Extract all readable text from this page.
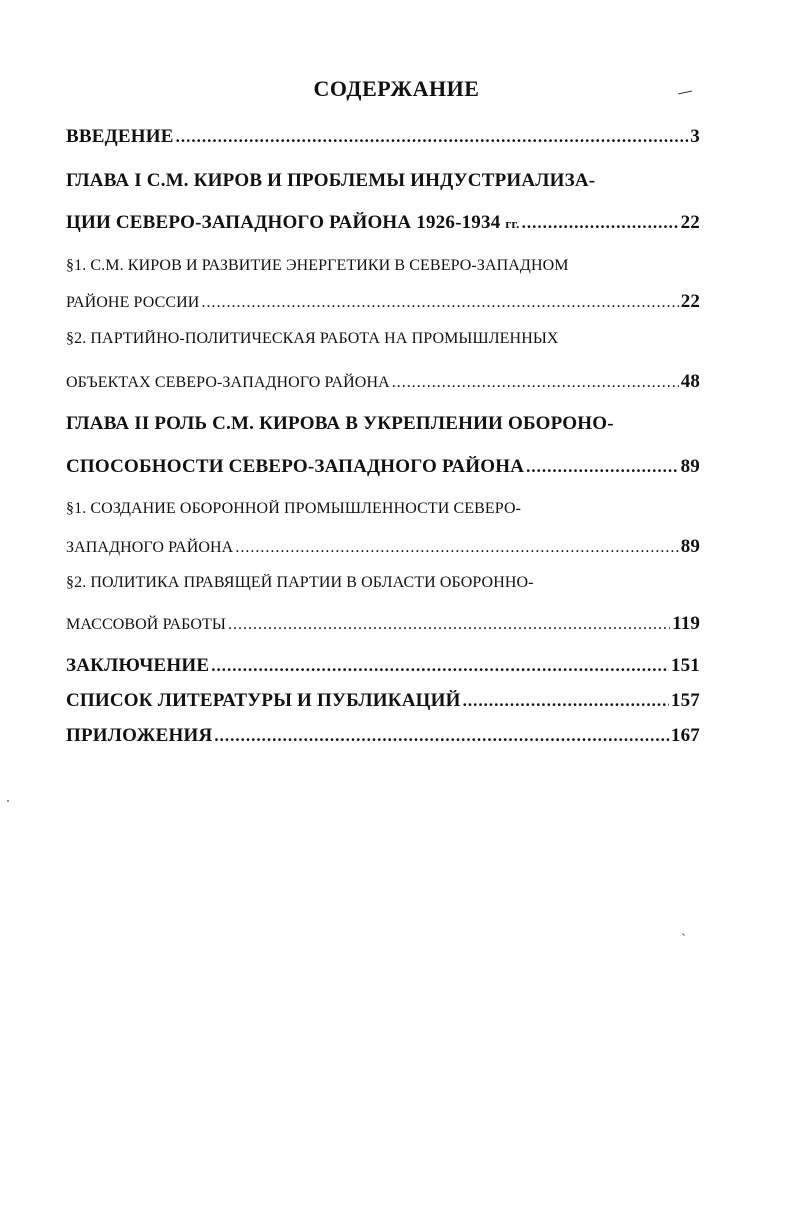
СОДЕРЖАНИЕ
ВВЕДЕНИЕ .....	3
ГЛАВА I С.М. КИРОВ И ПРОБЛЕМЫ ИНДУСТРИАЛИЗА-
ЦИИ СЕВЕРО-ЗАПАДНОГО РАЙОНА 1926-1934 гг. .....	22
§1. С.М. КИРОВ И РАЗВИТИЕ ЭНЕРГЕТИКИ В СЕВЕРО-ЗАПАДНОМ
РАЙОНЕ РОССИИ .....	22
§2. ПАРТИЙНО-ПОЛИТИЧЕСКАЯ РАБОТА НА ПРОМЫШЛЕННЫХ
ОБЪЕКТАХ СЕВЕРО-ЗАПАДНОГО РАЙОНА .....	48
ГЛАВА II РОЛЬ С.М. КИРОВА В УКРЕПЛЕНИИ ОБОРОНО-
СПОСОБНОСТИ СЕВЕРО-ЗАПАДНОГО РАЙОНА .....	89
§1. СОЗДАНИЕ ОБОРОННОЙ ПРОМЫШЛЕННОСТИ СЕВЕРО-
ЗАПАДНОГО РАЙОНА .....	89
§2. ПОЛИТИКА ПРАВЯЩЕЙ ПАРТИИ В ОБЛАСТИ ОБОРОННО-
МАССОВОЙ РАБОТЫ .....	119
ЗАКЛЮЧЕНИЕ .....	151
СПИСОК ЛИТЕРАТУРЫ И ПУБЛИКАЦИЙ .....	157
ПРИЛОЖЕНИЯ .....	167
